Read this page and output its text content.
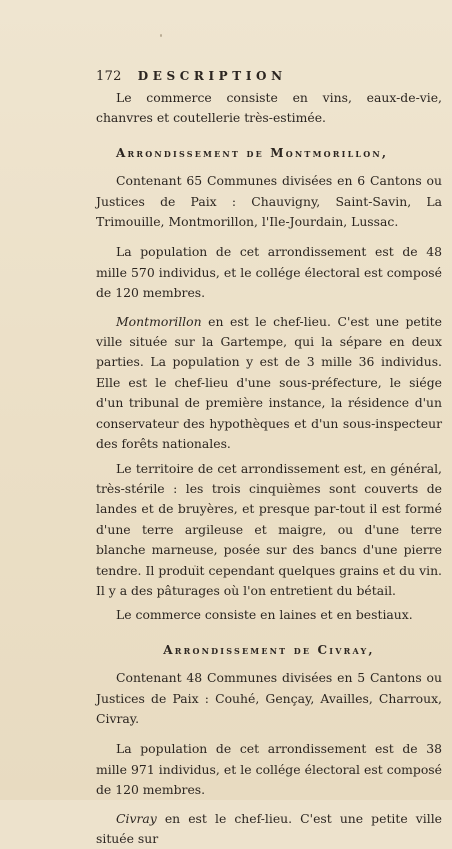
172 DESCRIPTION

Le commerce consiste en vins, eaux-de-vie, chanvres et coutellerie très-estimée.

Arrondissement de Montmorillon,

Contenant 65 Communes divisées en 6 Cantons ou Justices de Paix : Chauvigny, Saint-Savin, La Trimouille, Montmorillon, l'Ile-Jourdain, Lussac.

La population de cet arrondissement est de 48 mille 570 individus, et le collége électoral est composé de 120 membres.

Montmorillon en est le chef-lieu. C'est une petite ville située sur la Gartempe, qui la sépare en deux parties. La population y est de 3 mille 36 individus. Elle est le chef-lieu d'une sous-préfecture, le siége d'un tribunal de première instance, la résidence d'un conservateur des hypothèques et d'un sous-inspecteur des forêts nationales.

Le territoire de cet arrondissement est, en général, très-stérile : les trois cinquièmes sont couverts de landes et de bruyères, et presque par-tout il est formé d'une terre argileuse et maigre, ou d'une terre blanche marneuse, posée sur des bancs d'une pierre tendre. Il produit cependant quelques grains et du vin. Il y a des pâturages où l'on entretient du bétail.

Le commerce consiste en laines et en bestiaux.

Arrondissement de Civray,

Contenant 48 Communes divisées en 5 Cantons ou Justices de Paix : Couhé, Gençay, Availles, Charroux, Civray.

La population de cet arrondissement est de 38 mille 971 individus, et le collége électoral est composé de 120 membres.

Civray en est le chef-lieu. C'est une petite ville située sur
